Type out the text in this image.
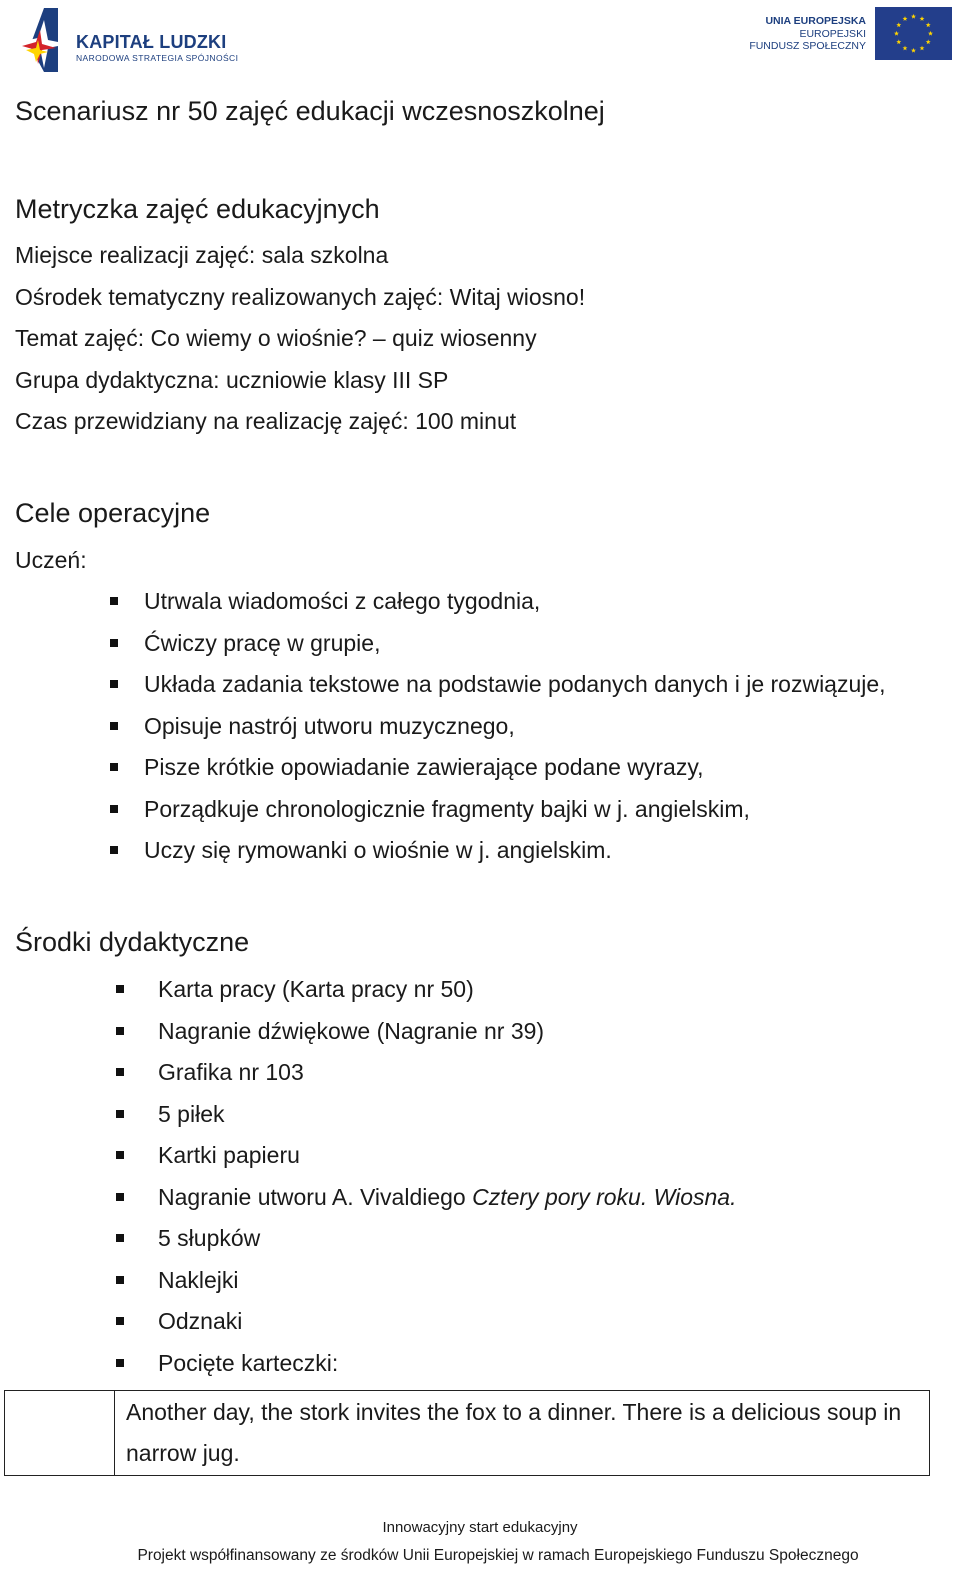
KAPITAŁ LUDZKI
NARODOWA STRATEGIA SPÓJNOŚCI
UNIA EUROPEJSKA
EUROPEJSKI
FUNDUSZ SPOŁECZNY
Scenariusz nr 50 zajęć edukacji wczesnoszkolnej
Metryczka zajęć edukacyjnych
Miejsce realizacji zajęć: sala szkolna
Ośrodek tematyczny realizowanych zajęć: Witaj wiosno!
Temat zajęć: Co wiemy o wiośnie? – quiz wiosenny
Grupa dydaktyczna: uczniowie klasy III SP
Czas przewidziany na realizację zajęć: 100 minut
Cele operacyjne
Uczeń:
Utrwala wiadomości z całego tygodnia,
Ćwiczy pracę w grupie,
Układa zadania tekstowe na podstawie podanych danych i je rozwiązuje,
Opisuje nastrój utworu muzycznego,
Pisze krótkie opowiadanie zawierające podane wyrazy,
Porządkuje chronologicznie fragmenty bajki w j. angielskim,
Uczy się rymowanki o wiośnie w j. angielskim.
Środki dydaktyczne
Karta pracy (Karta pracy nr 50)
Nagranie dźwiękowe (Nagranie nr 39)
Grafika nr 103
5 piłek
Kartki papieru
Nagranie utworu A. Vivaldiego Cztery pory roku. Wiosna.
5 słupków
Naklejki
Odznaki
Pocięte karteczki:
Another day, the stork invites the fox to a dinner. There is a delicious soup in narrow jug.
Innowacyjny start edukacyjny
Projekt współfinansowany ze środków Unii Europejskiej w ramach Europejskiego Funduszu Społecznego
